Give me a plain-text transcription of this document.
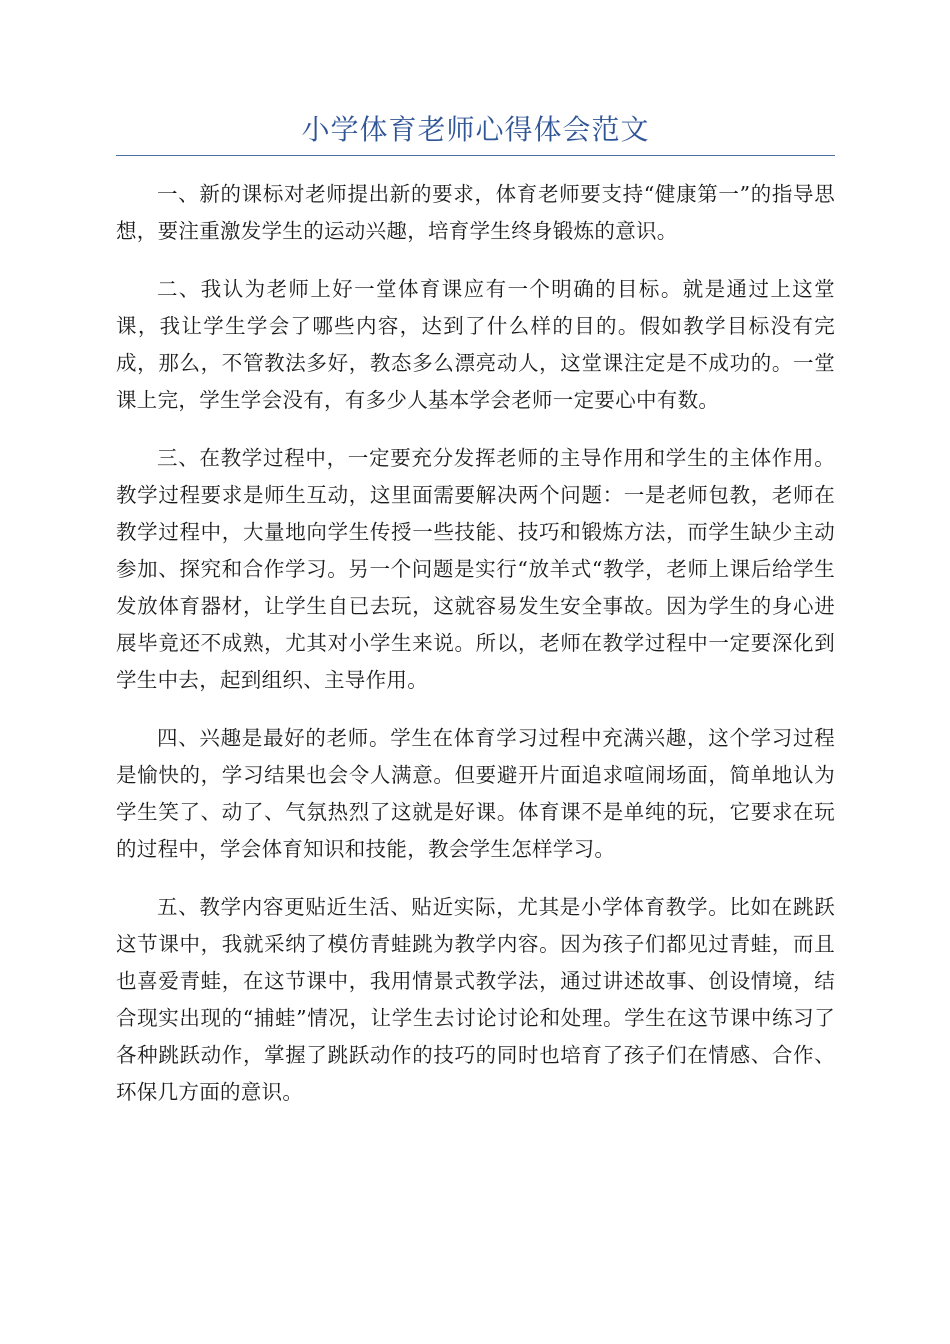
小学体育老师心得体会范文

一、新的课标对老师提出新的要求，体育老师要支持“健康第一”的指导思想，要注重激发学生的运动兴趣，培育学生终身锻炼的意识。

二、我认为老师上好一堂体育课应有一个明确的目标。就是通过上这堂课，我让学生学会了哪些内容，达到了什么样的目的。假如教学目标没有完成，那么，不管教法多好，教态多么漂亮动人，这堂课注定是不成功的。一堂课上完，学生学会没有，有多少人基本学会老师一定要心中有数。

三、在教学过程中，一定要充分发挥老师的主导作用和学生的主体作用。教学过程要求是师生互动，这里面需要解决两个问题：一是老师包教，老师在教学过程中，大量地向学生传授一些技能、技巧和锻炼方法，而学生缺少主动参加、探究和合作学习。另一个问题是实行“放羊式“教学，老师上课后给学生发放体育器材，让学生自已去玩，这就容易发生安全事故。因为学生的身心进展毕竟还不成熟，尤其对小学生来说。所以，老师在教学过程中一定要深化到学生中去，起到组织、主导作用。

四、兴趣是最好的老师。学生在体育学习过程中充满兴趣，这个学习过程是愉快的，学习结果也会令人满意。但要避开片面追求喧闹场面，简单地认为学生笑了、动了、气氛热烈了这就是好课。体育课不是单纯的玩，它要求在玩的过程中，学会体育知识和技能，教会学生怎样学习。

五、教学内容更贴近生活、贴近实际，尤其是小学体育教学。比如在跳跃这节课中，我就采纳了模仿青蛙跳为教学内容。因为孩子们都见过青蛙，而且也喜爱青蛙，在这节课中，我用情景式教学法，通过讲述故事、创设情境，结合现实出现的“捕蛙”情况，让学生去讨论讨论和处理。学生在这节课中练习了各种跳跃动作，掌握了跳跃动作的技巧的同时也培育了孩子们在情感、合作、环保几方面的意识。
